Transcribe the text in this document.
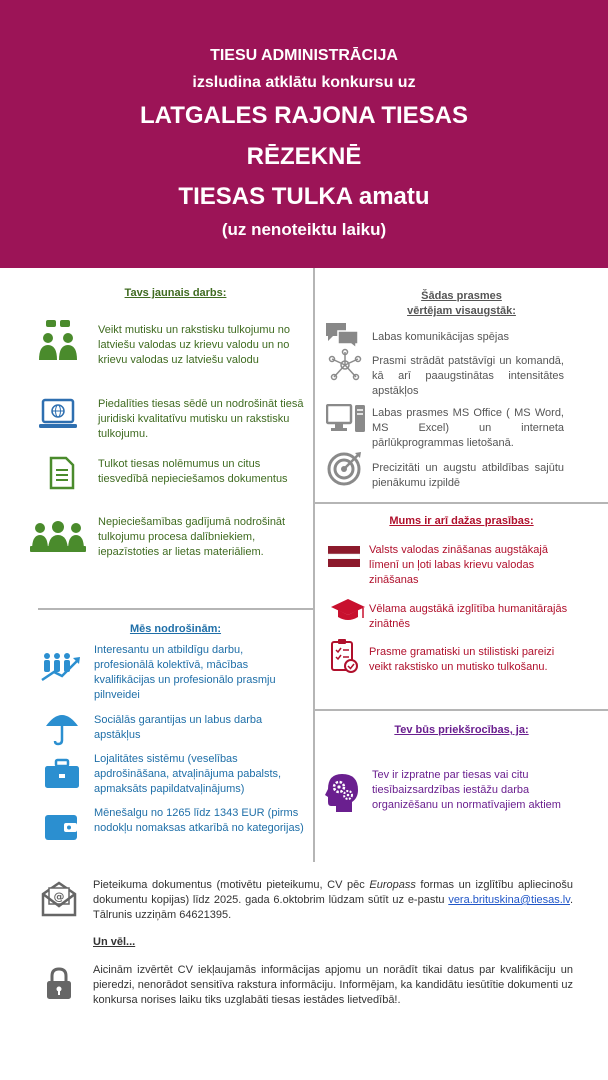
TIESU ADMINISTRĀCIJA
izsludina atklātu konkursu uz
LATGALES RAJONA TIESAS
RĒZEKNĒ
TIESAS TULKA amatu
(uz nenoteiktu laiku)
Tavs jaunais darbs:
Veikt mutisku un rakstisku tulkojumu no latviešu valodas uz krievu valodu un no krievu valodas uz latviešu valodu
Piedalīties tiesas sēdē un nodrošināt tiesā juridiski kvalitatīvu mutisku un rakstisku tulkojumu.
Tulkot tiesas nolēmumus un citus tiesvedībā nepieciešamos dokumentus
Nepieciešamības gadījumā nodrošināt tulkojumu procesa dalībniekiem, iepazīstoties ar lietas materiāliem.
Mēs nodrošinām:
Interesantu un atbildīgu darbu, profesionālā kolektīvā, mācības kvalifikācijas un profesionālo prasmju pilnveidei
Sociālās garantijas un labus darba apstākļus
Lojalitātes sistēmu (veselības apdrošināšana, atvaļinājuma pabalsts, apmaksāts papildatvaļinājums)
Mēnešalgu no 1265 līdz 1343 EUR (pirms nodokļu nomaksas atkarībā no kategorijas)
Šādas prasmes
vērtējam visaugstāk:
Labas komunikācijas spējas
Prasmi strādāt patstāvīgi un komandā, kā arī paaugstinātas intensitātes apstākļos
Labas prasmes MS Office ( MS Word, MS Excel) un interneta pārlūkprogrammas lietošanā.
Precizitāti un augstu atbildības sajūtu pienākumu izpildē
Mums ir arī dažas prasības:
Valsts valodas zināšanas augstākajā līmenī un ļoti labas krievu valodas zināšanas
Vēlama augstākā izglītība humanitārajās zinātnēs
Prasme gramatiski un stilistiski pareizi veikt rakstisko un mutisko tulkošanu.
Tev būs priekšrocības, ja:
Tev ir izpratne par tiesas vai citu tiesībaizsardzības iestāžu darba organizēšanu un normatīvajiem aktiem
@
Pieteikuma dokumentus (motivētu pieteikumu, CV pēc Europass formas un izglītību apliecinošu dokumentu kopijas) līdz 2025. gada 6.oktobrim lūdzam sūtīt uz e-pastu vera.brituskina@tiesas.lv. Tālrunis uzziņām 64621395.
Un vēl...
Aicinām izvērtēt CV iekļaujamās informācijas apjomu un norādīt tikai datus par kvalifikāciju un pieredzi, nenorādot sensitīva rakstura informāciju. Informējam, ka kandidātu iesūtītie dokumenti uz konkursa norises laiku tiks uzglabāti tiesas iestādes lietvedībā!.
